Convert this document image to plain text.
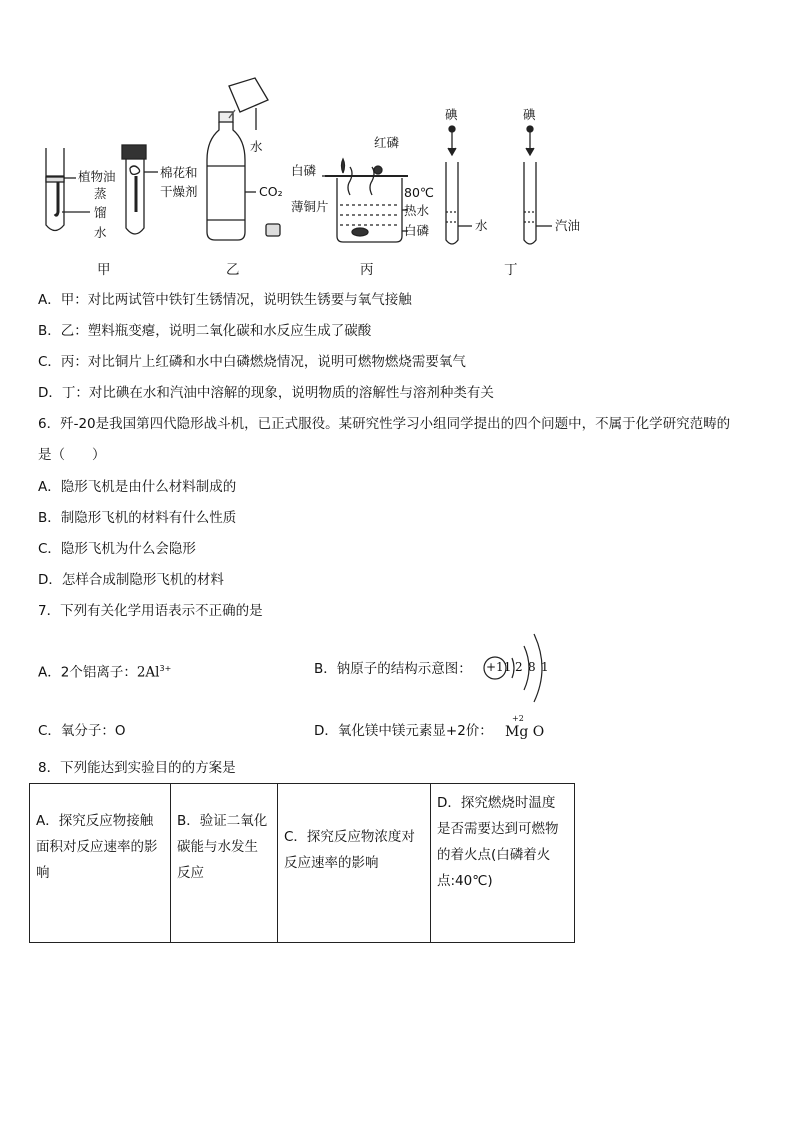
植物油
蒸
馏
水
棉花和
干燥剂
水
CO₂
红磷
白磷
薄铜片
80℃
热水
白磷
碘	碘
水	汽油
甲	乙	丙	丁
A．甲：对比两试管中铁钉生锈情况，说明铁生锈要与氧气接触
B．乙：塑料瓶变瘪，说明二氧化碳和水反应生成了碳酸
C．丙：对比铜片上红磷和水中白磷燃烧情况，说明可燃物燃烧需要氧气
D．丁：对比碘在水和汽油中溶解的现象，说明物质的溶解性与溶剂种类有关
6．歼-20是我国第四代隐形战斗机，已正式服役。某研究性学习小组同学提出的四个问题中，不属于化学研究范畴的
是（　　）
A．隐形飞机是由什么材料制成的
B．制隐形飞机的材料有什么性质
C．隐形飞机为什么会隐形
D．怎样合成制隐形飞机的材料
7．下列有关化学用语表示不正确的是
A．2个铝离子：$2Al^{3+}$	B．钠原子的结构示意图： +11 2 8 1
C．氧分子：O	D．氧化镁中镁元素显+2价：
+2
Mg O
8．下列能达到实验目的的方案是
A．探究反应物接触面积对反应速率的影响	B．验证二氧化碳能与水发生反应	C．探究反应物浓度对反应速率的影响	D．探究燃烧时温度是否需要达到可燃物的着火点(白磷着火点:40℃)
